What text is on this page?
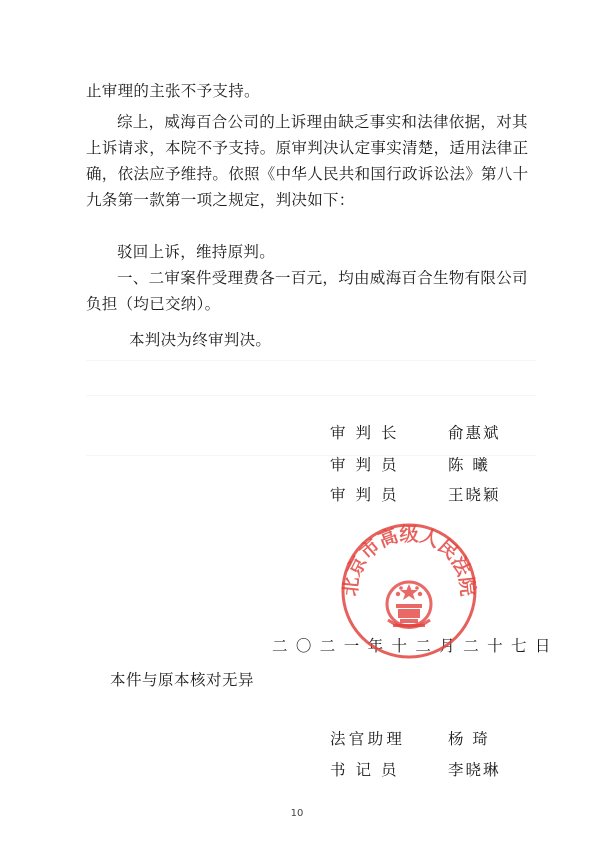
止审理的主张不予支持。

综上，威海百合公司的上诉理由缺乏事实和法律依据，对其上诉请求，本院不予支持。原审判决认定事实清楚，适用法律正确，依法应予维持。依照《中华人民共和国行政诉讼法》第八十九条第一款第一项之规定，判决如下：

驳回上诉，维持原判。

一、二审案件受理费各一百元，均由威海百合生物有限公司负担（均已交纳）。

本判决为终审判决。

审判长	俞惠斌
审判员	陈 曦
审判员	王晓颖
二〇二一年十二月二十七日
北京市高级人民法院
本件与原本核对无异
法官助理	杨 琦
书记员	李晓琳
10
